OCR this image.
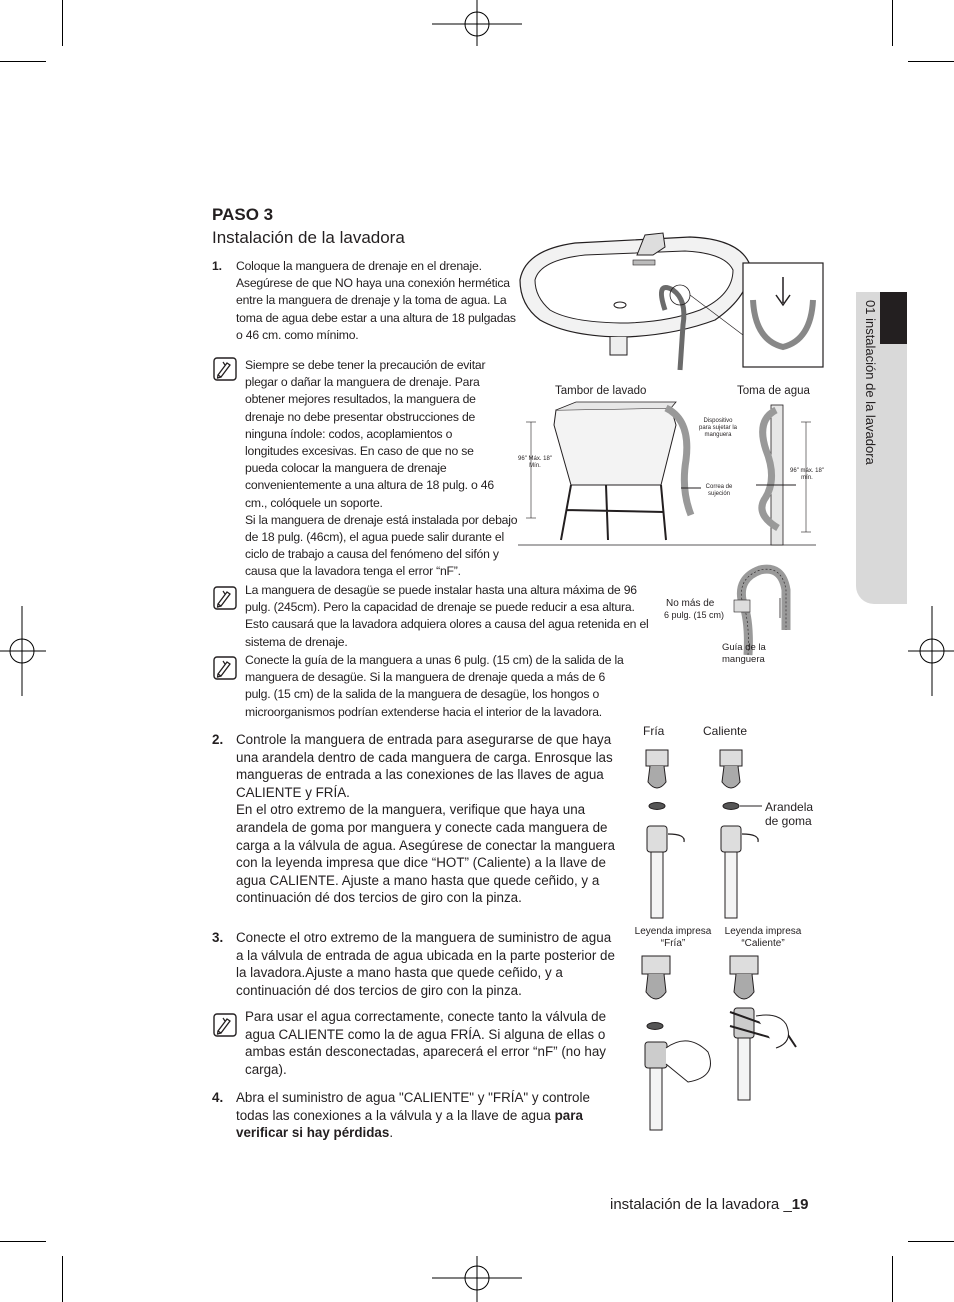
01 instalación de la lavadora
PASO 3
Instalación de la lavadora
1. Coloque la manguera de drenaje en el drenaje. Asegúrese de que NO haya una conexión hermética entre la manguera de drenaje y la toma de agua. La toma de agua debe estar a una altura de 18 pulgadas o 46 cm. como mínimo.
Siempre se debe tener la precaución de evitar plegar o dañar la manguera de drenaje. Para obtener mejores resultados, la manguera de drenaje no debe presentar obstrucciones de ninguna índole: codos, acoplamientos o longitudes excesivas. En caso de que no se pueda colocar la manguera de drenaje convenientemente a una altura de 18 pulg. o 46 cm., colóquele un soporte.
Si la manguera de drenaje está instalada por debajo de 18 pulg. (46cm), el agua puede salir durante el ciclo de trabajo a causa del fenómeno del sifón y causa que la lavadora tenga el error “nF”.
La manguera de desagüe se puede instalar hasta una altura máxima de 96 pulg. (245cm). Pero la capacidad de drenaje se puede reducir a esa altura. Esto causará que la lavadora adquiera olores a causa del agua retenida en el sistema de drenaje.
Conecte la guía de la manguera a unas 6 pulg. (15 cm) de la salida de la manguera de desagüe. Si la manguera de drenaje queda a más de 6 pulg. (15 cm) de la salida de la manguera de desagüe, los hongos o microorganismos podrían extenderse hacia el interior de la lavadora.
2. Controle la manguera de entrada para asegurarse de que haya una arandela dentro de cada manguera de carga. Enrosque las mangueras de entrada a las conexiones de las llaves de agua CALIENTE y FRÍA.
En el otro extremo de la manguera, verifique que haya una arandela de goma por manguera y conecte cada manguera de carga a la válvula de agua. Asegúrese de conectar la manguera con la leyenda impresa que dice “HOT” (Caliente) a la llave de agua CALIENTE. Ajuste a mano hasta que quede ceñido, y a continuación dé dos tercios de giro con la pinza.
3. Conecte el otro extremo de la manguera de suministro de agua a la válvula de entrada de agua ubicada en la parte posterior de la lavadora.Ajuste a mano hasta que quede ceñido, y a continuación dé dos tercios de giro con la pinza.
Para usar el agua correctamente, conecte tanto la válvula de agua CALIENTE como la de agua FRÍA. Si alguna de ellas o ambas están desconectadas, aparecerá el error “nF” (no hay carga).
4. Abra el suministro de agua "CALIENTE" y "FRÍA" y controle todas las conexiones a la válvula y a la llave de agua para verificar si hay pérdidas.
Tambor de lavado	Toma de agua
96" Máx. 18" Mín.
Dispositivo para sujetar la manguera
Correa de sujeción
96" máx. 18" mín.
No más de
6 pulg. (15 cm)
Guía de la manguera
Fría	Caliente
Arandela de goma
Leyenda impresa “Fría”
Leyenda impresa “Caliente”
instalación de la lavadora _19
